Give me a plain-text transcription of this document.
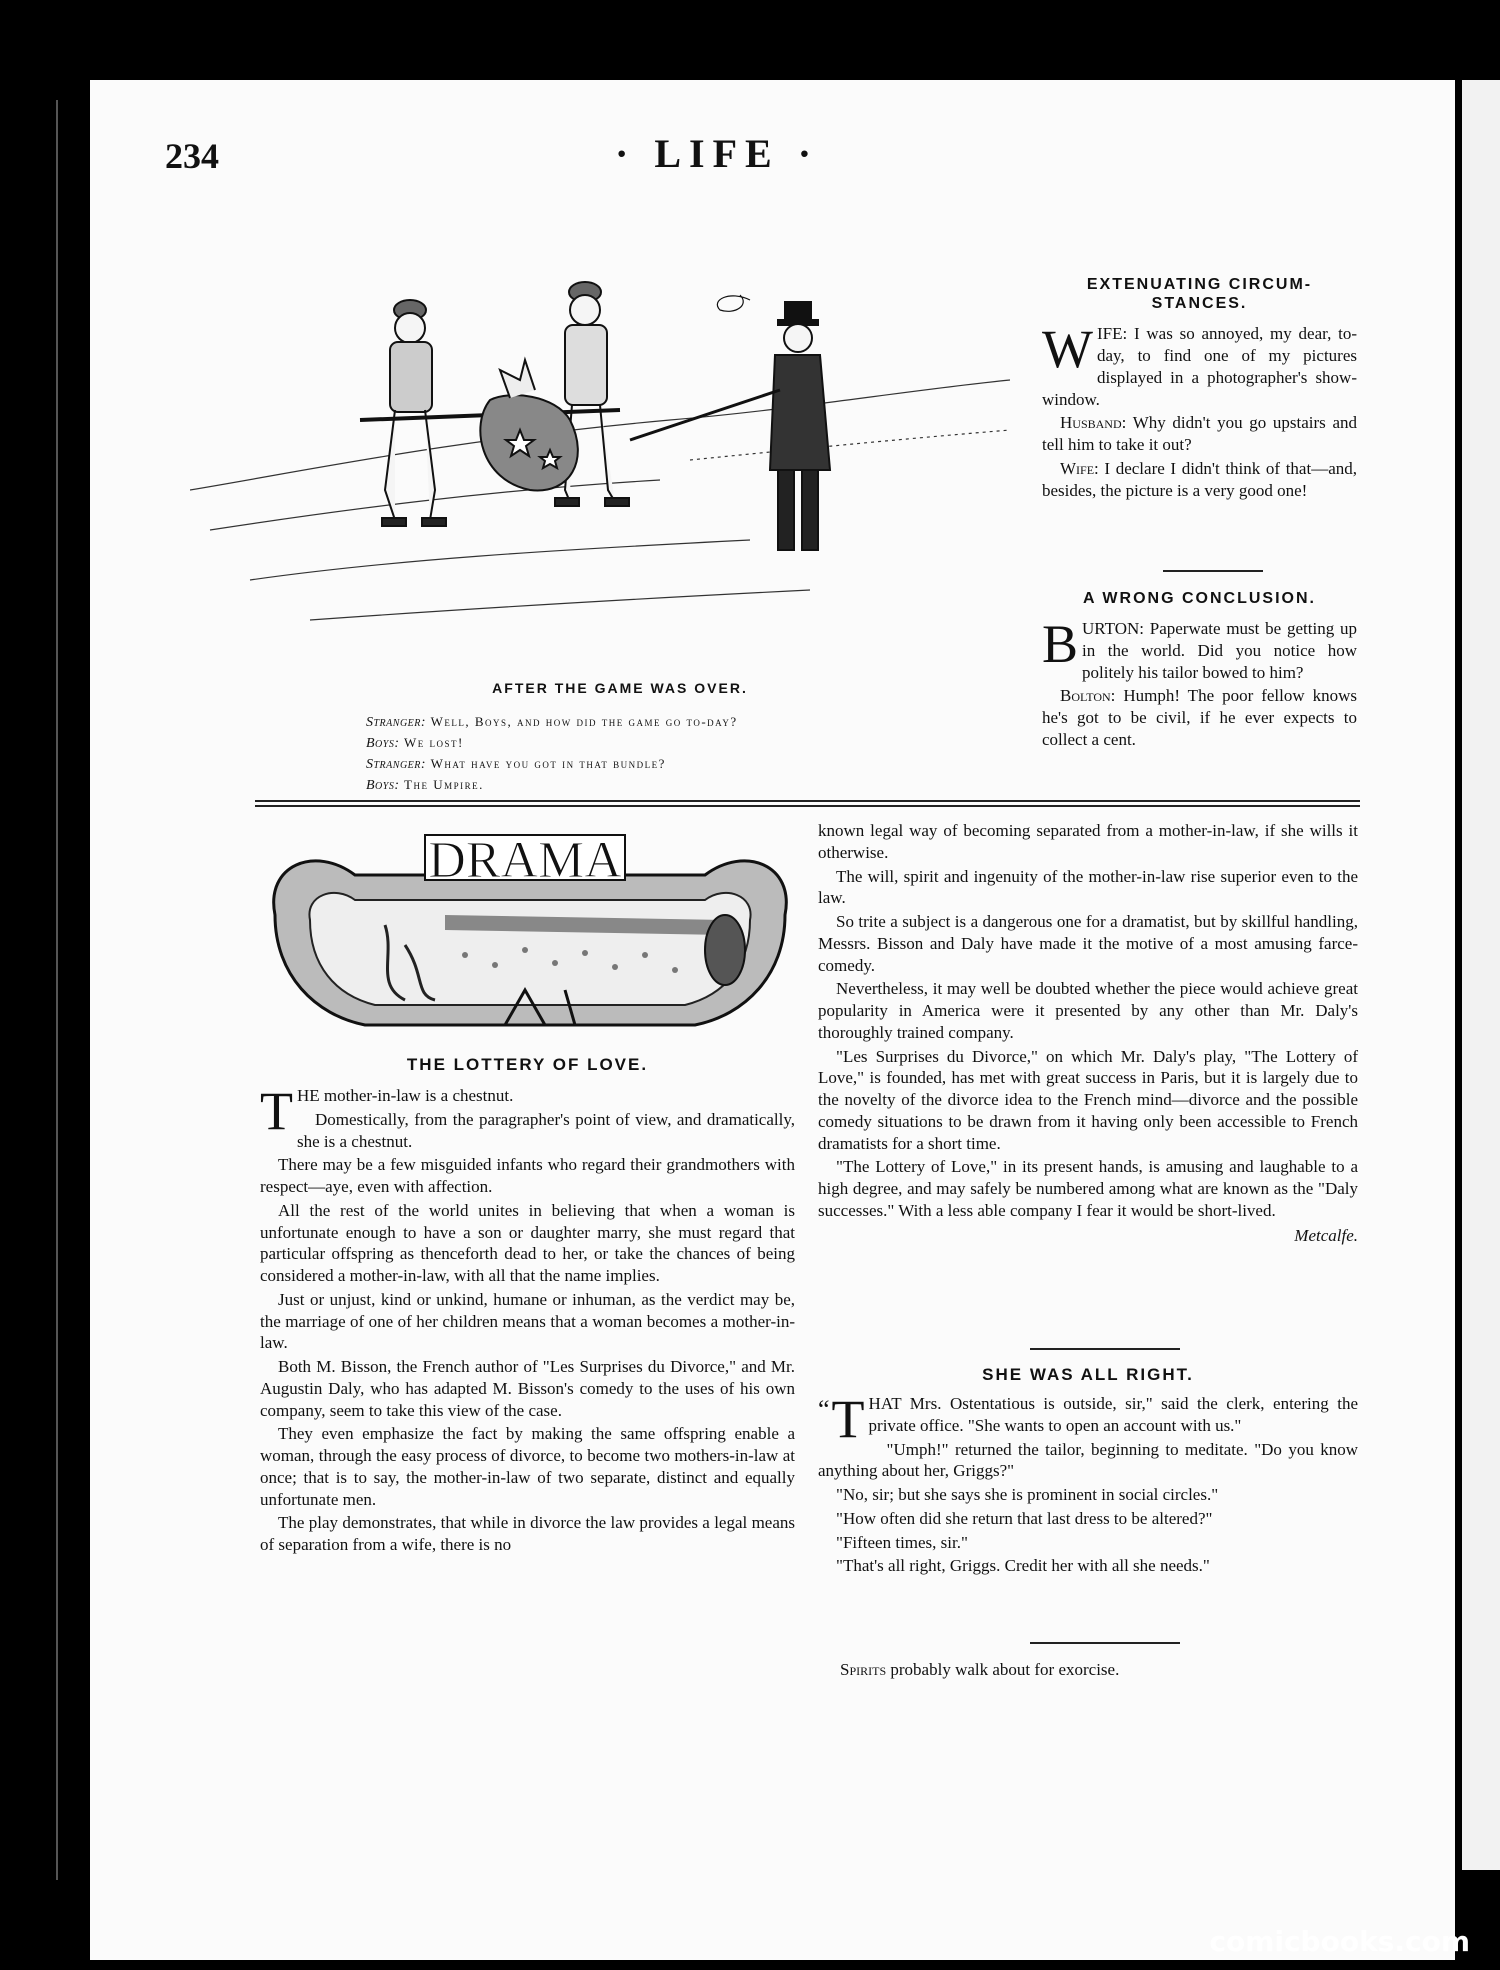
234	· LIFE ·
AFTER THE GAME WAS OVER.
Stranger: Well, Boys, and how did the game go to-day?
Boys: We lost!
Stranger: What have you got in that bundle?
Boys: The Umpire.
EXTENUATING CIRCUM-STANCES.

WIFE: I was so annoyed, my dear, to-day, to find one of my pictures displayed in a photographer's show-window.

Husband: Why didn't you go upstairs and tell him to take it out?

Wife: I declare I didn't think of that—and, besides, the picture is a very good one!

A WRONG CONCLUSION.

BURTON: Paperwate must be getting up in the world. Did you notice how politely his tailor bowed to him?

Bolton: Humph! The poor fellow knows he's got to be civil, if he ever expects to collect a cent.

DRAMA
THE LOTTERY OF LOVE.

THE mother-in-law is a chestnut.

Domestically, from the paragrapher's point of view, and dramatically, she is a chestnut.

There may be a few misguided infants who regard their grandmothers with respect—aye, even with affection.

All the rest of the world unites in believing that when a woman is unfortunate enough to have a son or daughter marry, she must regard that particular offspring as thenceforth dead to her, or take the chances of being considered a mother-in-law, with all that the name implies.

Just or unjust, kind or unkind, humane or inhuman, as the verdict may be, the marriage of one of her children means that a woman becomes a mother-in-law.

Both M. Bisson, the French author of "Les Surprises du Divorce," and Mr. Augustin Daly, who has adapted M. Bisson's comedy to the uses of his own company, seem to take this view of the case.

They even emphasize the fact by making the same offspring enable a woman, through the easy process of divorce, to become two mothers-in-law at once; that is to say, the mother-in-law of two separate, distinct and equally unfortunate men.

The play demonstrates, that while in divorce the law provides a legal means of separation from a wife, there is no

known legal way of becoming separated from a mother-in-law, if she wills it otherwise.

The will, spirit and ingenuity of the mother-in-law rise superior even to the law.

So trite a subject is a dangerous one for a dramatist, but by skillful handling, Messrs. Bisson and Daly have made it the motive of a most amusing farce-comedy.

Nevertheless, it may well be doubted whether the piece would achieve great popularity in America were it presented by any other than Mr. Daly's thoroughly trained company.

"Les Surprises du Divorce," on which Mr. Daly's play, "The Lottery of Love," is founded, has met with great success in Paris, but it is largely due to the novelty of the divorce idea to the French mind—divorce and the possible comedy situations to be drawn from it having only been accessible to French dramatists for a short time.

"The Lottery of Love," in its present hands, is amusing and laughable to a high degree, and may safely be numbered among what are known as the "Daly successes." With a less able company I fear it would be short-lived.

Metcalfe.
SHE WAS ALL RIGHT.

“ T HAT Mrs. Ostentatious is outside, sir," said the clerk, entering the private office. "She wants to open an account with us."

"Umph!" returned the tailor, beginning to meditate. "Do you know anything about her, Griggs?"

"No, sir; but she says she is prominent in social circles."

"How often did she return that last dress to be altered?"

"Fifteen times, sir."

"That's all right, Griggs. Credit her with all she needs."

Spirits probably walk about for exorcise.
comicbooks.com
